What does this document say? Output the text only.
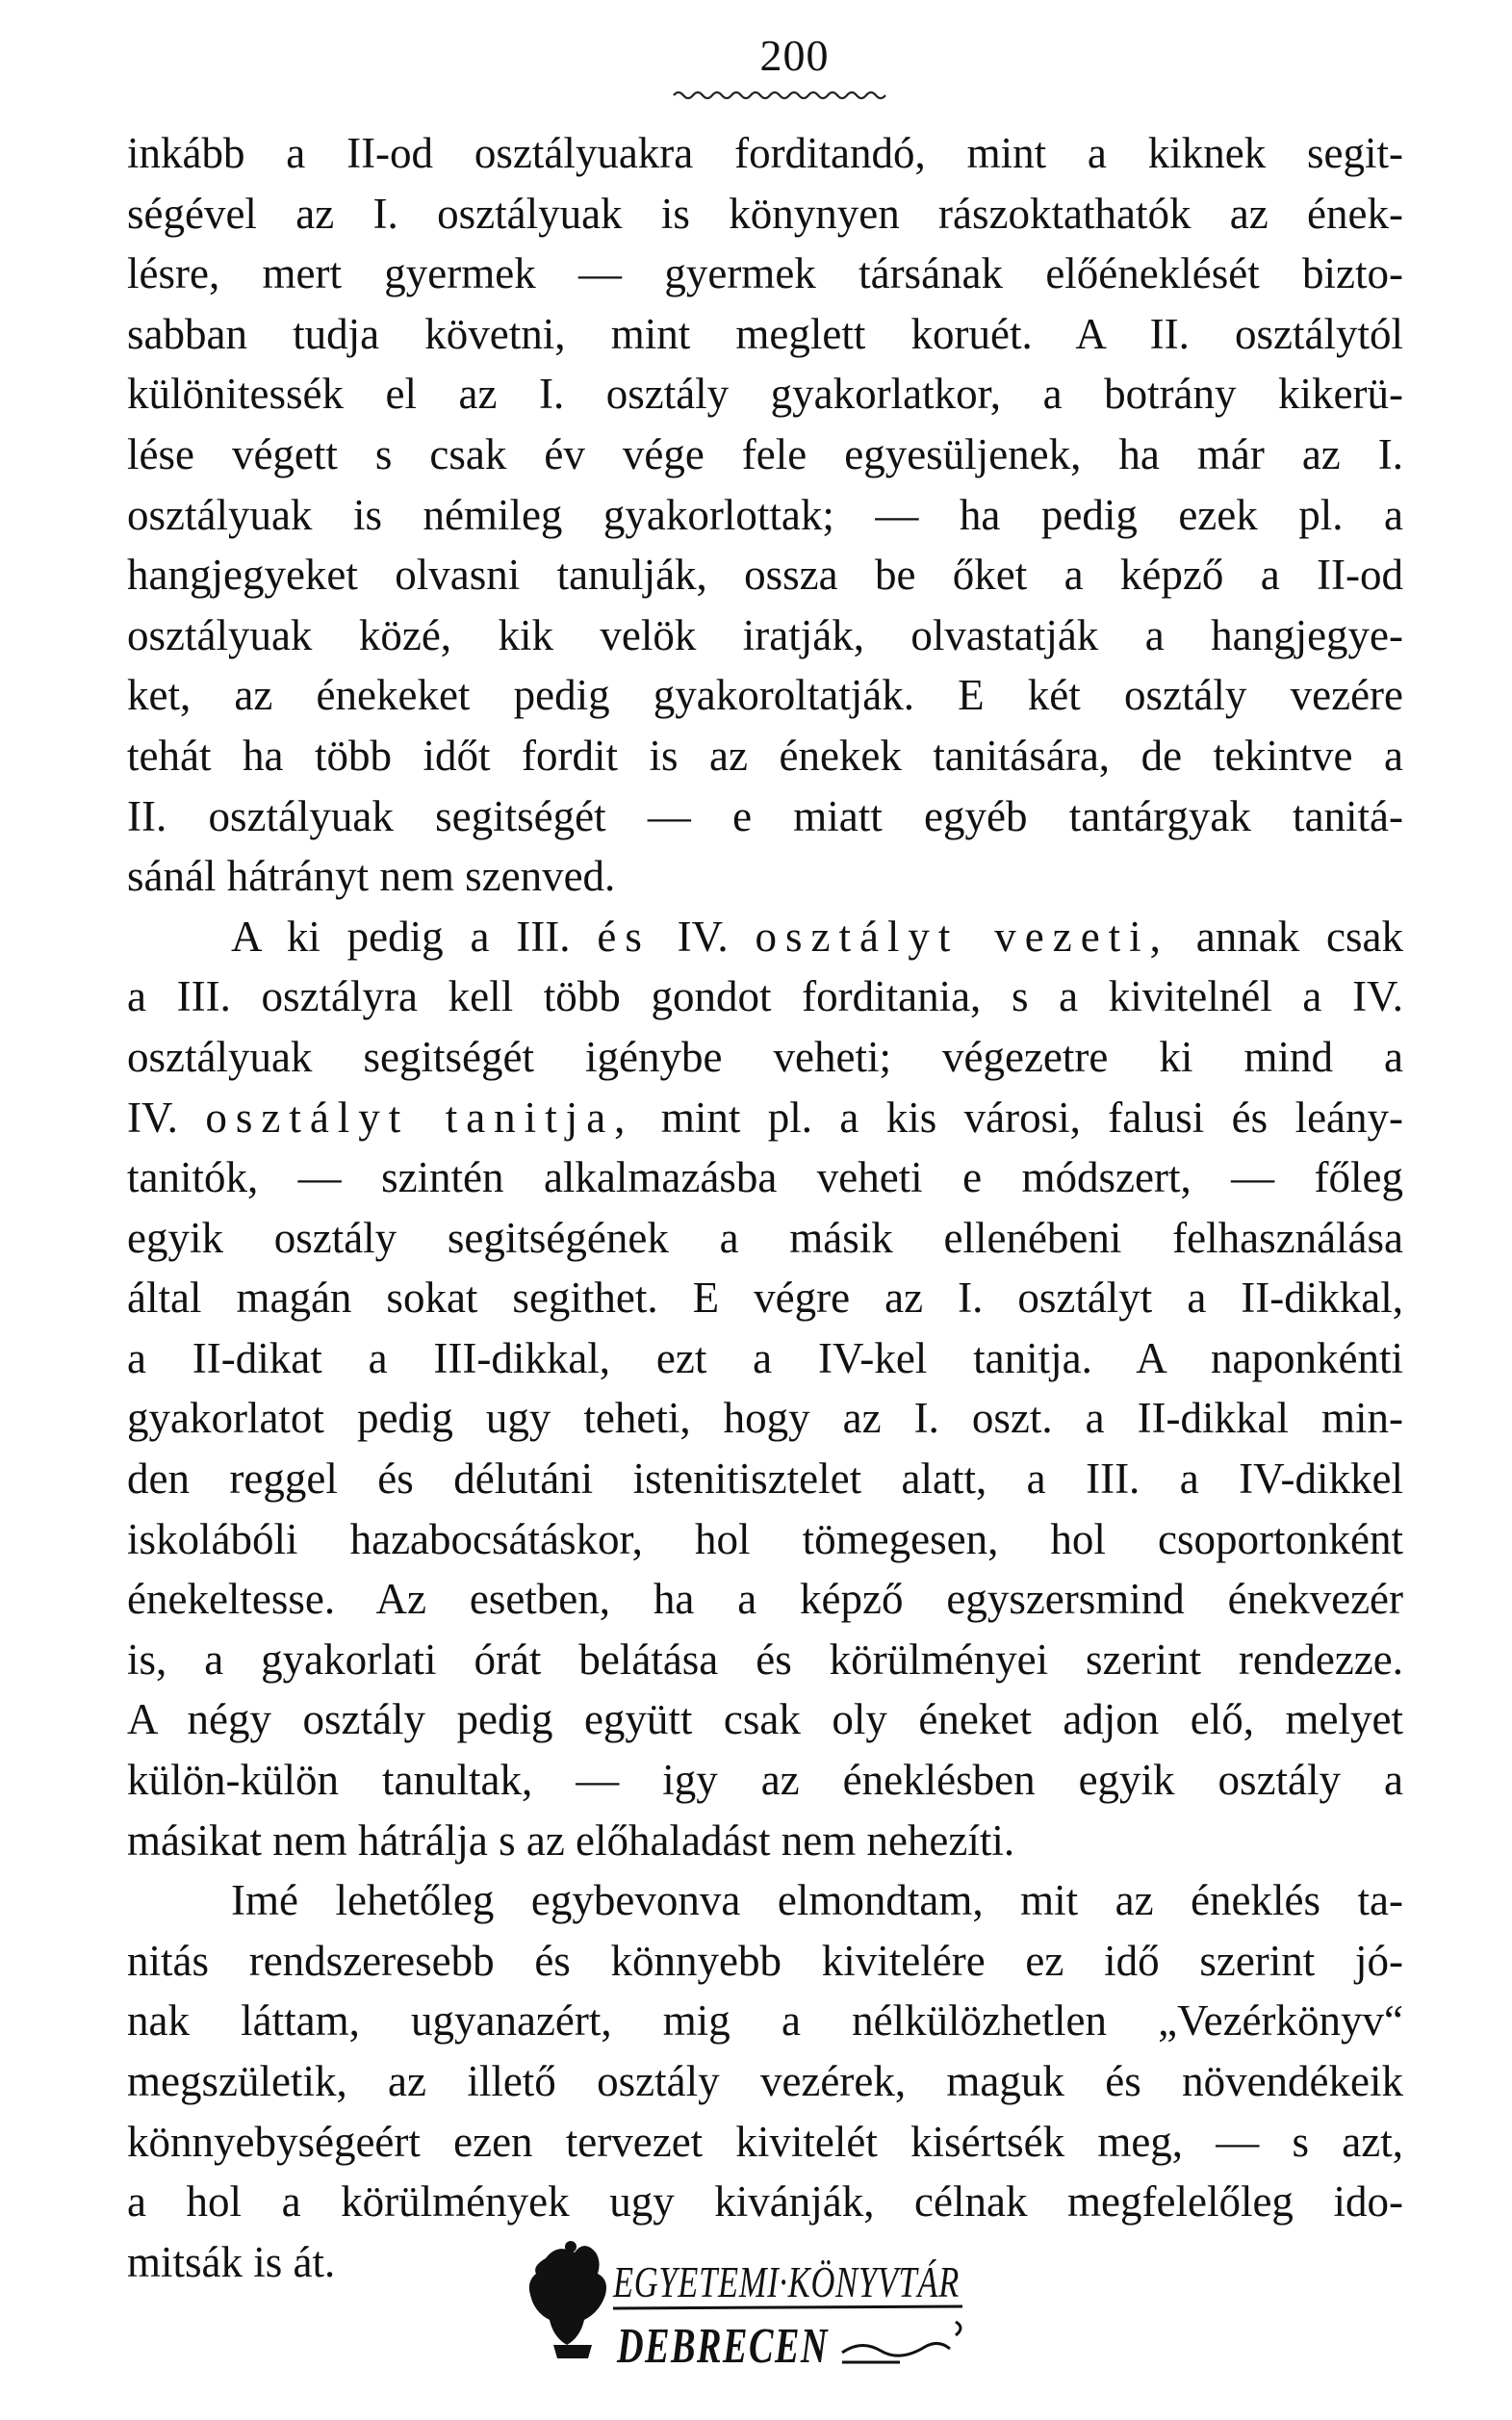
200
inkább a II-od osztályuakra forditandó, mint a kiknek segit-
ségével az I. osztályuak is könynyen rászoktathatók az ének-
lésre, mert gyermek — gyermek társának előéneklését bizto-
sabban tudja követni, mint meglett koruét. A II. osztálytól
különitessék el az I. osztály gyakorlatkor, a botrány kikerü-
lése végett s csak év vége fele egyesüljenek, ha már az I.
osztályuak is némileg gyakorlottak; — ha pedig ezek pl. a
hangjegyeket olvasni tanulják, ossza be őket a képző a II-od
osztályuak közé, kik velök iratják, olvastatják a hangjegye-
ket, az énekeket pedig gyakoroltatják. E két osztály vezére
tehát ha több időt fordit is az énekek tanitására, de tekintve a
II. osztályuak segitségét — e miatt egyéb tantárgyak tanitá-
sánál hátrányt nem szenved.
A ki pedig a III. és IV. osztályt vezeti, annak csak
a III. osztályra kell több gondot forditania, s a kivitelnél a IV.
osztályuak segitségét igénybe veheti; végezetre ki mind a
IV. osztályt tanitja, mint pl. a kis városi, falusi és leány-
tanitók, — szintén alkalmazásba veheti e módszert, — főleg
egyik osztály segitségének a másik ellenébeni felhasználása
által magán sokat segithet. E végre az I. osztályt a II-dikkal,
a II-dikat a III-dikkal, ezt a IV-kel tanitja. A naponkénti
gyakorlatot pedig ugy teheti, hogy az I. oszt. a II-dikkal min-
den reggel és délutáni istenitisztelet alatt, a III. a IV-dikkel
iskolábóli hazabocsátáskor, hol tömegesen, hol csoportonként
énekeltesse. Az esetben, ha a képző egyszersmind énekvezér
is, a gyakorlati órát belátása és körülményei szerint rendezze.
A négy osztály pedig együtt csak oly éneket adjon elő, melyet
külön-külön tanultak, — igy az éneklésben egyik osztály a
másikat nem hátrálja s az előhaladást nem nehezíti.
Imé lehetőleg egybevonva elmondtam, mit az éneklés ta-
nitás rendszeresebb és könnyebb kivitelére ez idő szerint jó-
nak láttam, ugyanazért, mig a nélkülözhetlen „Vezérkönyv“
megszületik, az illető osztály vezérek, maguk és növendékeik
könnyebységeért ezen tervezet kivitelét kisértsék meg, — s azt,
a hol a körülmények ugy kivánják, célnak megfelelőleg ido-
mitsák is át.	EGYETEMI·KÖNYVTÁR
DEBRECEN
